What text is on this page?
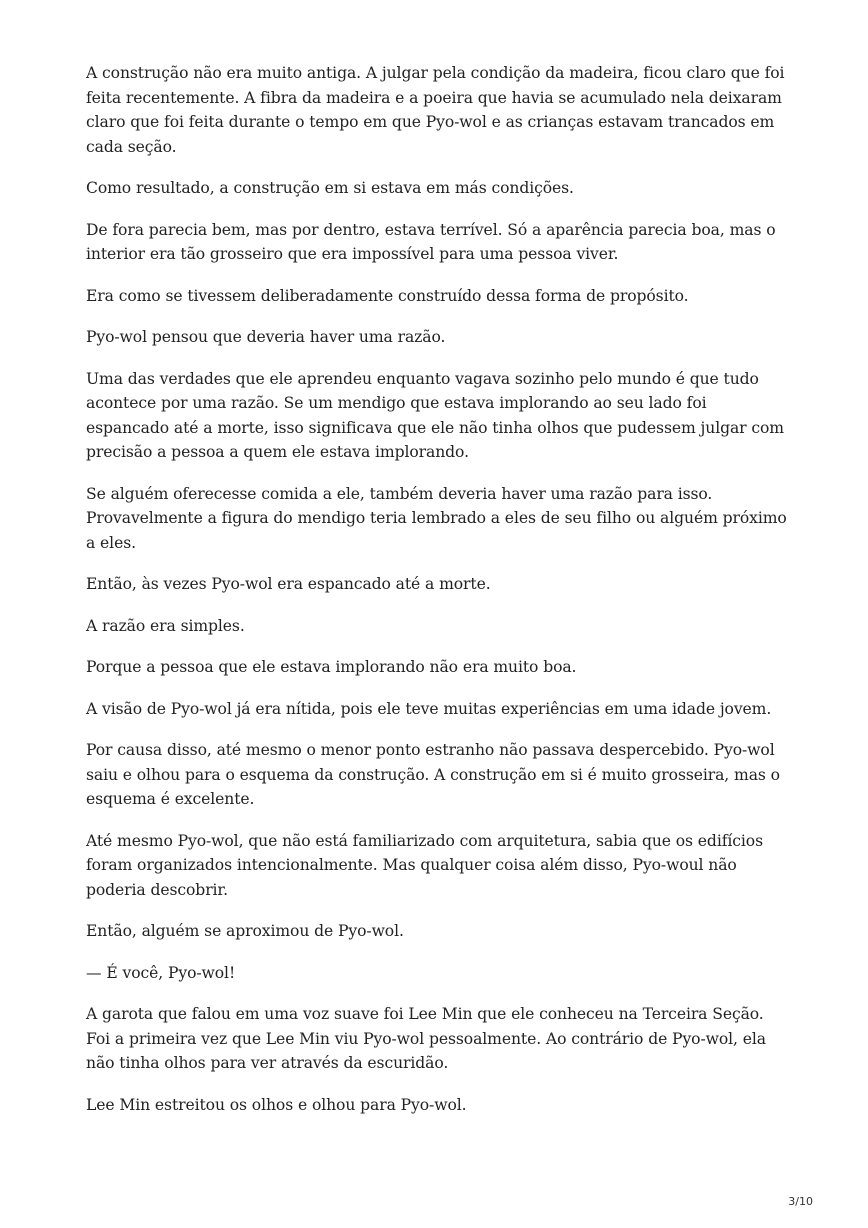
A construção não era muito antiga. A julgar pela condição da madeira, ficou claro que foi feita recentemente. A fibra da madeira e a poeira que havia se acumulado nela deixaram claro que foi feita durante o tempo em que Pyo-wol e as crianças estavam trancados em cada seção.

Como resultado, a construção em si estava em más condições.

De fora parecia bem, mas por dentro, estava terrível. Só a aparência parecia boa, mas o interior era tão grosseiro que era impossível para uma pessoa viver.

Era como se tivessem deliberadamente construído dessa forma de propósito.

Pyo-wol pensou que deveria haver uma razão.

Uma das verdades que ele aprendeu enquanto vagava sozinho pelo mundo é que tudo acontece por uma razão. Se um mendigo que estava implorando ao seu lado foi espancado até a morte, isso significava que ele não tinha olhos que pudessem julgar com precisão a pessoa a quem ele estava implorando.

Se alguém oferecesse comida a ele, também deveria haver uma razão para isso. Provavelmente a figura do mendigo teria lembrado a eles de seu filho ou alguém próximo a eles.

Então, às vezes Pyo-wol era espancado até a morte.

A razão era simples.

Porque a pessoa que ele estava implorando não era muito boa.

A visão de Pyo-wol já era nítida, pois ele teve muitas experiências em uma idade jovem.

Por causa disso, até mesmo o menor ponto estranho não passava despercebido. Pyo-wol saiu e olhou para o esquema da construção. A construção em si é muito grosseira, mas o esquema é excelente.

Até mesmo Pyo-wol, que não está familiarizado com arquitetura, sabia que os edifícios foram organizados intencionalmente. Mas qualquer coisa além disso, Pyo-woul não poderia descobrir.

Então, alguém se aproximou de Pyo-wol.

— É você, Pyo-wol!

A garota que falou em uma voz suave foi Lee Min que ele conheceu na Terceira Seção. Foi a primeira vez que Lee Min viu Pyo-wol pessoalmente. Ao contrário de Pyo-wol, ela não tinha olhos para ver através da escuridão.

Lee Min estreitou os olhos e olhou para Pyo-wol.

3/10
